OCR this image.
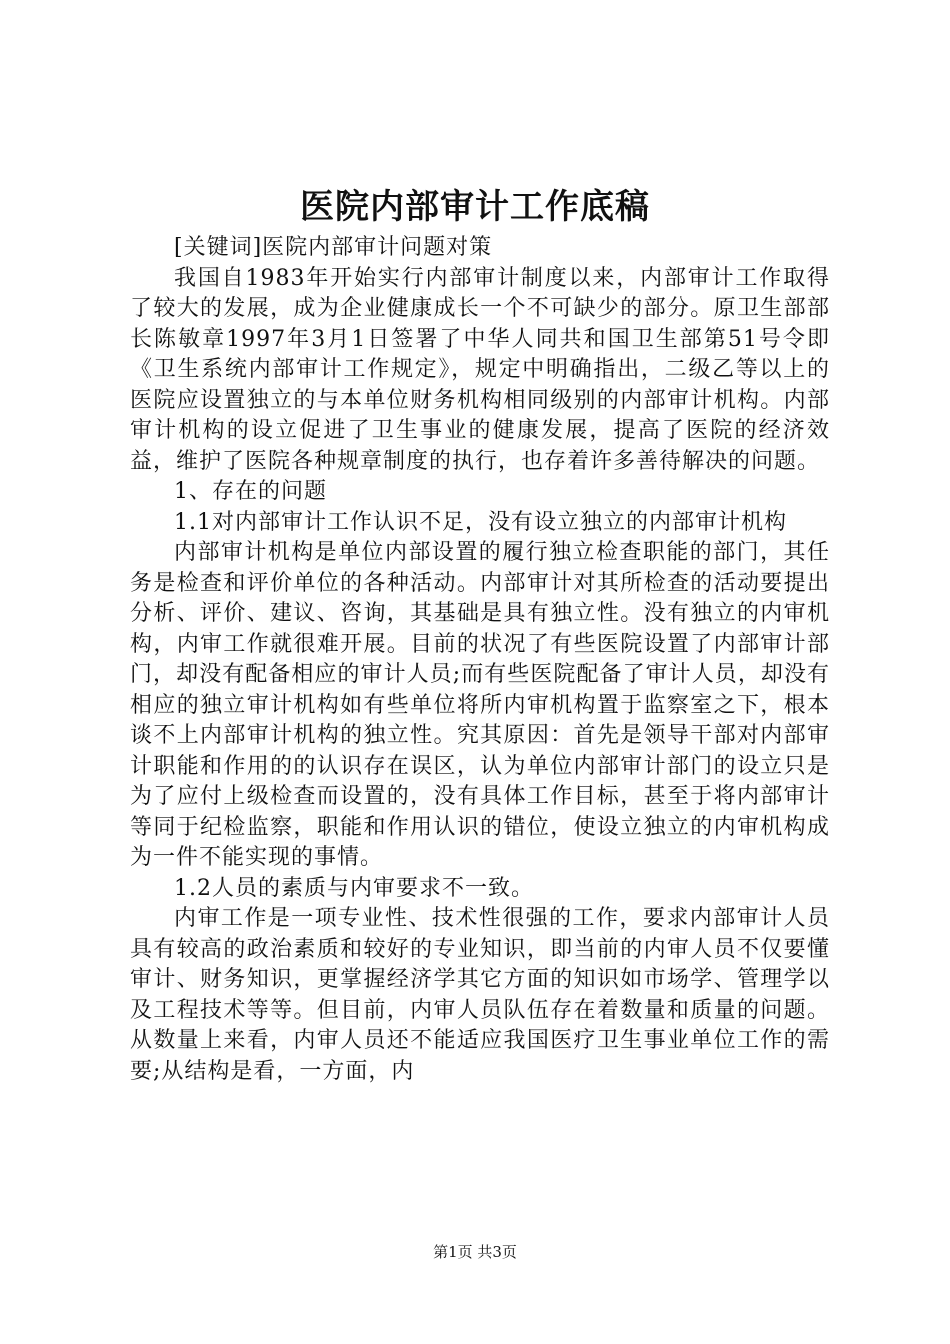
医院内部审计工作底稿

[关键词]医院内部审计问题对策

我国自1983年开始实行内部审计制度以来，内部审计工作取得了较大的发展，成为企业健康成长一个不可缺少的部分。原卫生部部长陈敏章1997年3月1日签署了中华人同共和国卫生部第51号令即《卫生系统内部审计工作规定》，规定中明确指出，二级乙等以上的医院应设置独立的与本单位财务机构相同级别的内部审计机构。内部审计机构的设立促进了卫生事业的健康发展，提高了医院的经济效益，维护了医院各种规章制度的执行，也存着许多善待解决的问题。

1、存在的问题

1.1对内部审计工作认识不足，没有设立独立的内部审计机构

内部审计机构是单位内部设置的履行独立检查职能的部门，其任务是检查和评价单位的各种活动。内部审计对其所检查的活动要提出分析、评价、建议、咨询，其基础是具有独立性。没有独立的内审机构，内审工作就很难开展。目前的状况了有些医院设置了内部审计部门，却没有配备相应的审计人员;而有些医院配备了审计人员，却没有相应的独立审计机构如有些单位将所内审机构置于监察室之下，根本谈不上内部审计机构的独立性。究其原因：首先是领导干部对内部审计职能和作用的的认识存在误区，认为单位内部审计部门的设立只是为了应付上级检查而设置的，没有具体工作目标，甚至于将内部审计等同于纪检监察，职能和作用认识的错位，使设立独立的内审机构成为一件不能实现的事情。

1.2人员的素质与内审要求不一致。

内审工作是一项专业性、技术性很强的工作，要求内部审计人员具有较高的政治素质和较好的专业知识，即当前的内审人员不仅要懂审计、财务知识，更掌握经济学其它方面的知识如市场学、管理学以及工程技术等等。但目前，内审人员队伍存在着数量和质量的问题。从数量上来看，内审人员还不能适应我国医疗卫生事业单位工作的需要;从结构是看，一方面，内

第1页 共3页
